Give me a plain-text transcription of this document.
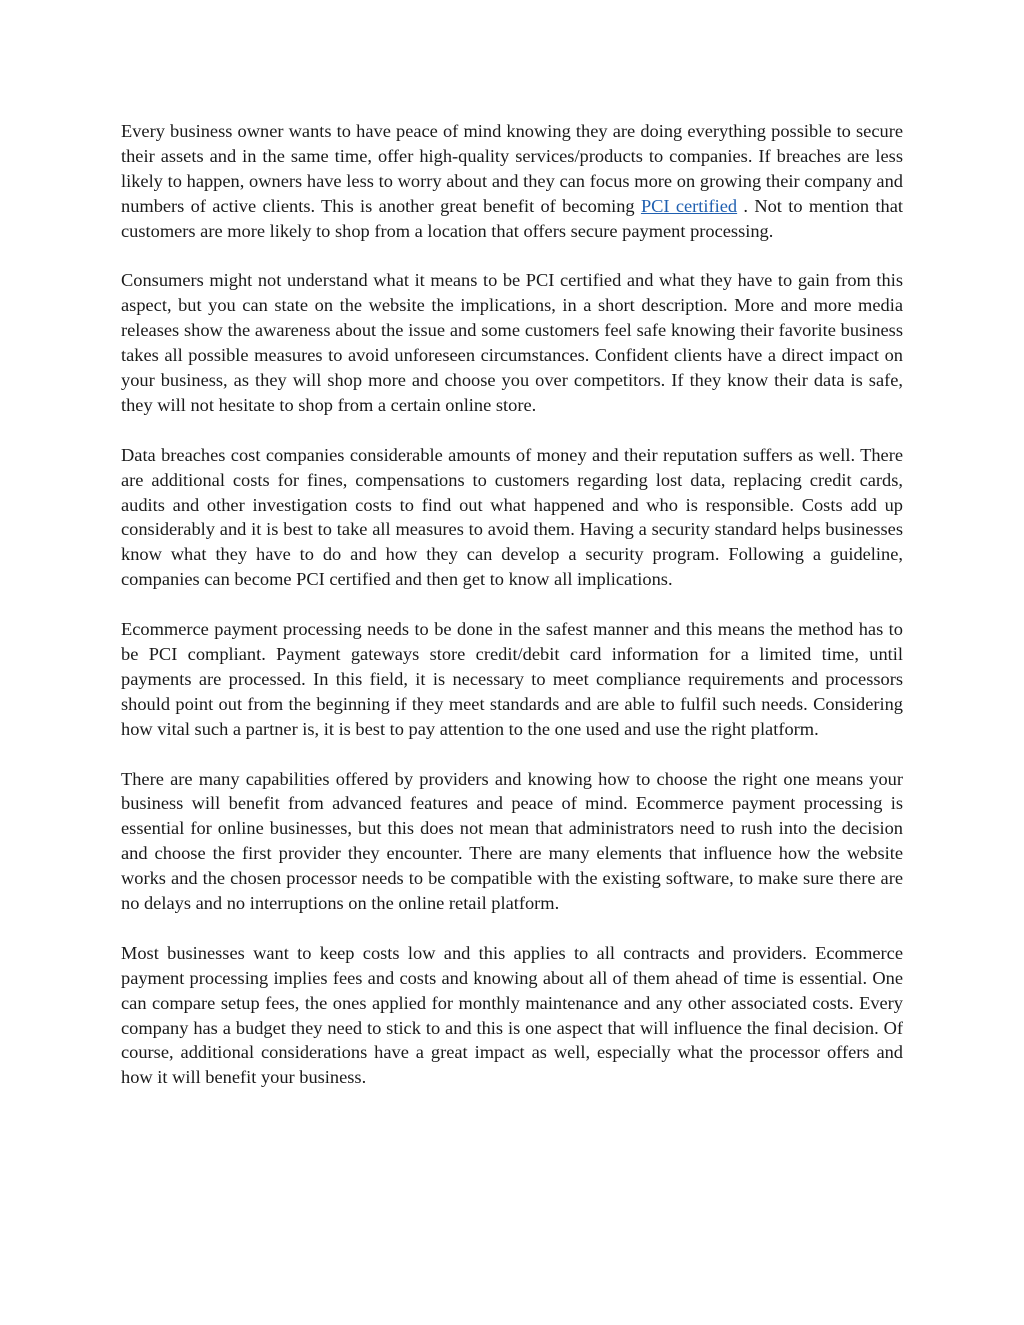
Every business owner wants to have peace of mind knowing they are doing everything possible to secure their assets and in the same time, offer high-quality services/products to companies. If breaches are less likely to happen, owners have less to worry about and they can focus more on growing their company and numbers of active clients. This is another great benefit of becoming PCI certified . Not to mention that customers are more likely to shop from a location that offers secure payment processing.

Consumers might not understand what it means to be PCI certified and what they have to gain from this aspect, but you can state on the website the implications, in a short description. More and more media releases show the awareness about the issue and some customers feel safe knowing their favorite business takes all possible measures to avoid unforeseen circumstances. Confident clients have a direct impact on your business, as they will shop more and choose you over competitors. If they know their data is safe, they will not hesitate to shop from a certain online store.

Data breaches cost companies considerable amounts of money and their reputation suffers as well. There are additional costs for fines, compensations to customers regarding lost data, replacing credit cards, audits and other investigation costs to find out what happened and who is responsible. Costs add up considerably and it is best to take all measures to avoid them. Having a security standard helps businesses know what they have to do and how they can develop a security program. Following a guideline, companies can become PCI certified and then get to know all implications.

Ecommerce payment processing needs to be done in the safest manner and this means the method has to be PCI compliant. Payment gateways store credit/debit card information for a limited time, until payments are processed. In this field, it is necessary to meet compliance requirements and processors should point out from the beginning if they meet standards and are able to fulfil such needs. Considering how vital such a partner is, it is best to pay attention to the one used and use the right platform.

There are many capabilities offered by providers and knowing how to choose the right one means your business will benefit from advanced features and peace of mind. Ecommerce payment processing is essential for online businesses, but this does not mean that administrators need to rush into the decision and choose the first provider they encounter. There are many elements that influence how the website works and the chosen processor needs to be compatible with the existing software, to make sure there are no delays and no interruptions on the online retail platform.

Most businesses want to keep costs low and this applies to all contracts and providers. Ecommerce payment processing implies fees and costs and knowing about all of them ahead of time is essential. One can compare setup fees, the ones applied for monthly maintenance and any other associated costs. Every company has a budget they need to stick to and this is one aspect that will influence the final decision. Of course, additional considerations have a great impact as well, especially what the processor offers and how it will benefit your business.
